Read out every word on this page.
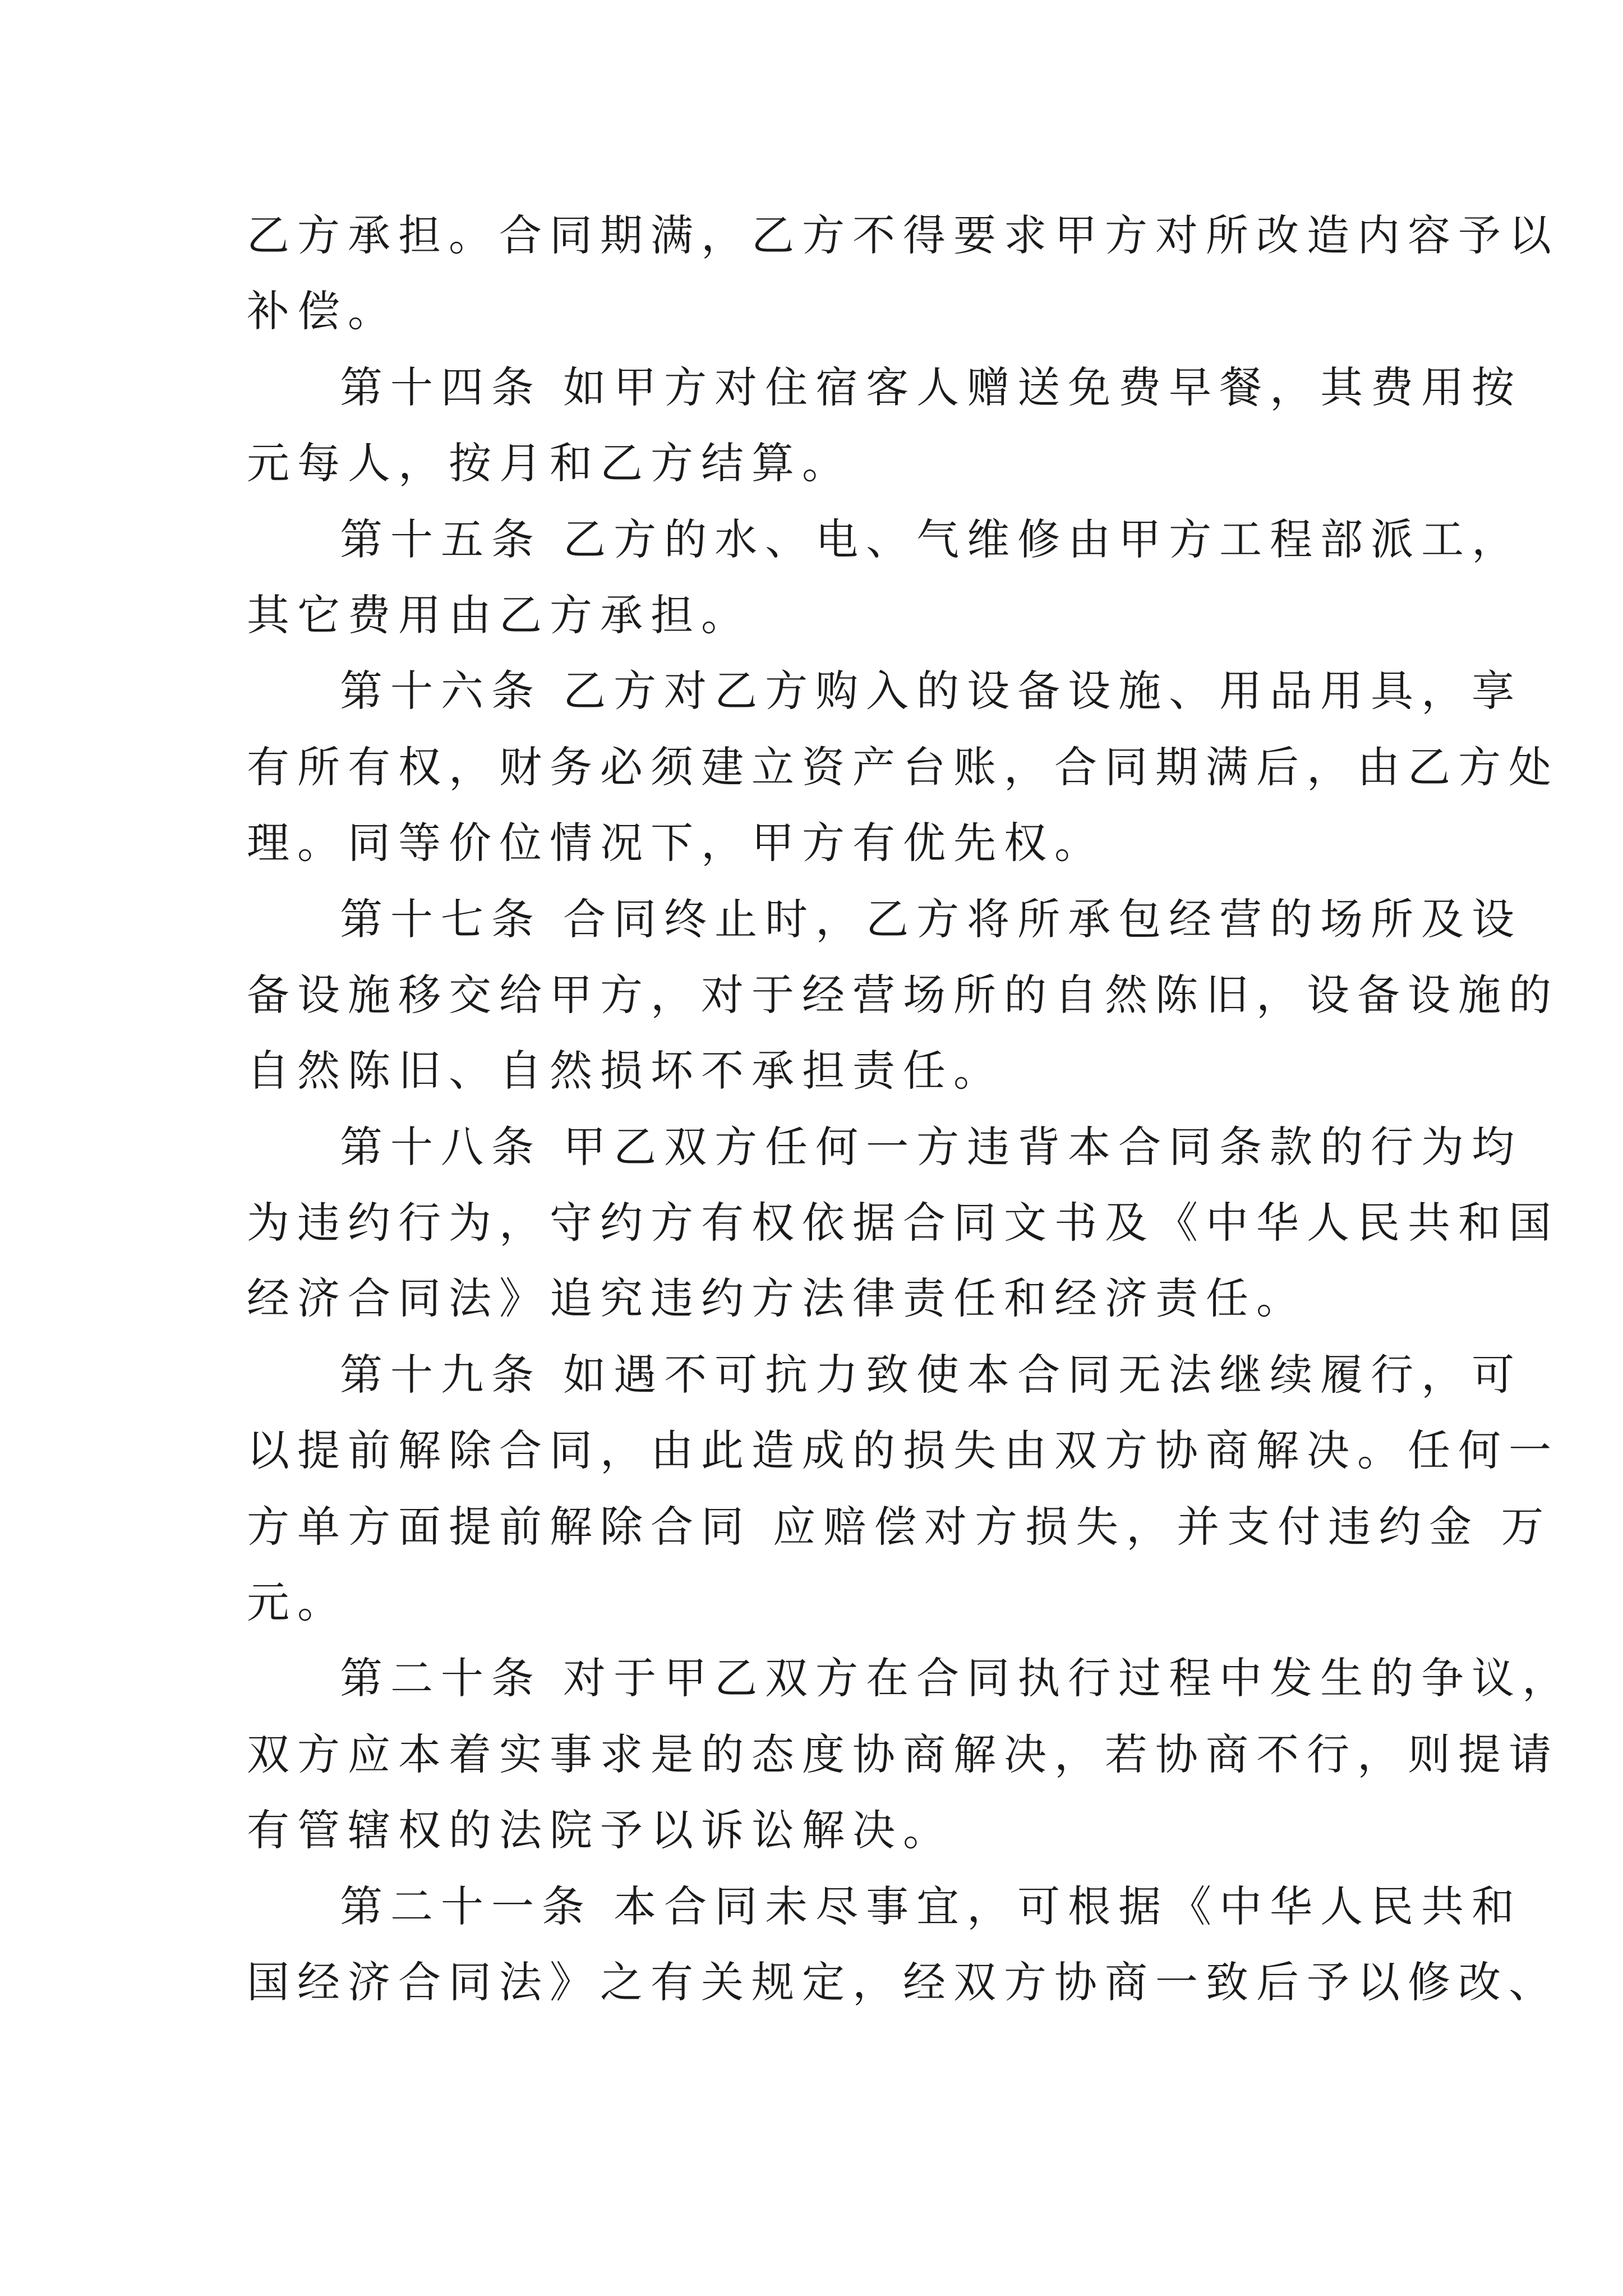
乙方承担。合同期满，乙方不得要求甲方对所改造内容予以
补偿。
第十四条 如甲方对住宿客人赠送免费早餐，其费用按
元每人，按月和乙方结算。
第十五条 乙方的水、电、气维修由甲方工程部派工，
其它费用由乙方承担。
第十六条 乙方对乙方购入的设备设施、用品用具，享
有所有权，财务必须建立资产台账，合同期满后，由乙方处
理。同等价位情况下，甲方有优先权。
第十七条 合同终止时，乙方将所承包经营的场所及设
备设施移交给甲方，对于经营场所的自然陈旧，设备设施的
自然陈旧、自然损坏不承担责任。
第十八条 甲乙双方任何一方违背本合同条款的行为均
为违约行为，守约方有权依据合同文书及《中华人民共和国
经济合同法》追究违约方法律责任和经济责任。
第十九条 如遇不可抗力致使本合同无法继续履行，可
以提前解除合同，由此造成的损失由双方协商解决。任何一
方单方面提前解除合同 应赔偿对方损失，并支付违约金 万
元。
第二十条 对于甲乙双方在合同执行过程中发生的争议，
双方应本着实事求是的态度协商解决，若协商不行，则提请
有管辖权的法院予以诉讼解决。
第二十一条 本合同未尽事宜，可根据《中华人民共和
国经济合同法》之有关规定，经双方协商一致后予以修改、
